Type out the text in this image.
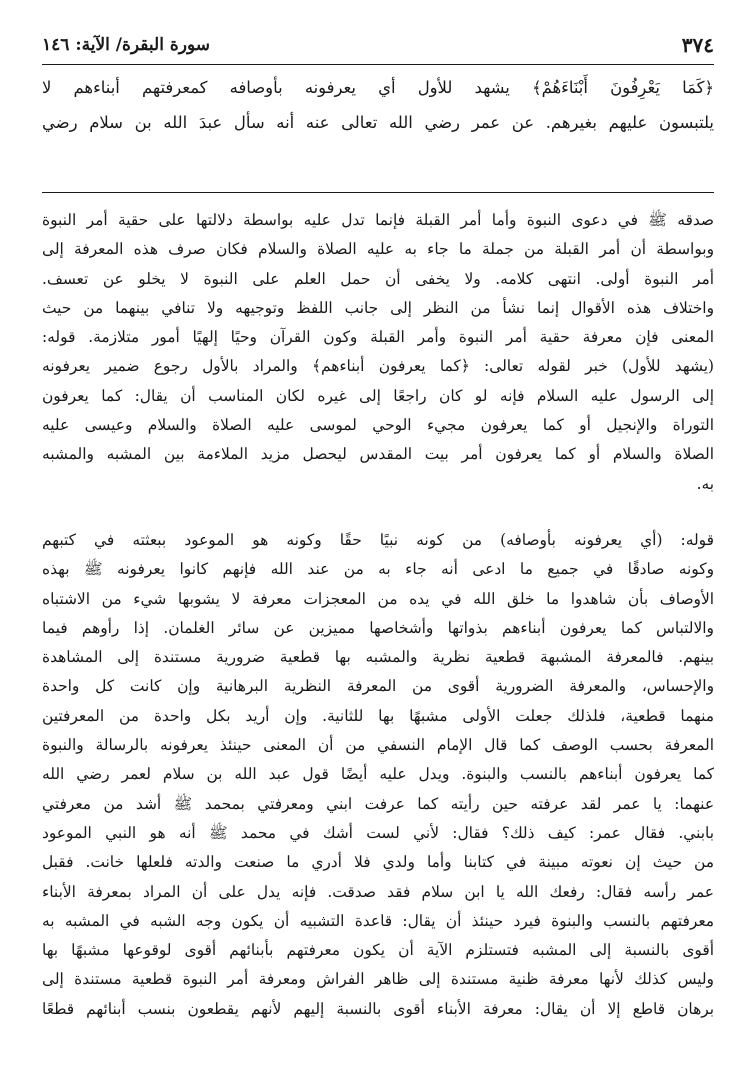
٣٧٤
سورة البقرة/ الآية: ١٤٦
﴿كَمَا يَعْرِفُونَ أَبْنَاءَهُمْ﴾ يشهد للأول أي يعرفونه بأوصافه كمعرفتهم أبناءهم لا
يلتبسون عليهم بغيرهم. عن عمر رضي الله تعالى عنه أنه سأل عبدَ الله بن سلام رضي
صدقه ﷺ في دعوى النبوة وأما أمر القبلة فإنما تدل عليه بواسطة دلالتها على حقية أمر النبوة
وبواسطة أن أمر القبلة من جملة ما جاء به عليه الصلاة والسلام فكان صرف هذه المعرفة إلى
أمر النبوة أولى. انتهى كلامه. ولا يخفى أن حمل العلم على النبوة لا يخلو عن تعسف.
واختلاف هذه الأقوال إنما نشأ من النظر إلى جانب اللفظ وتوجيهه ولا تنافي بينهما من حيث
المعنى فإن معرفة حقية أمر النبوة وأمر القبلة وكون القرآن وحيًا إلهيًا أمور متلازمة. قوله:
(يشهد للأول) خبر لقوله تعالى: ﴿كما يعرفون أبناءهم﴾ والمراد بالأول رجوع ضمير يعرفونه
إلى الرسول عليه السلام فإنه لو كان راجعًا إلى غيره لكان المناسب أن يقال: كما يعرفون
التوراة والإنجيل أو كما يعرفون مجيء الوحي لموسى عليه الصلاة والسلام وعيسى عليه
الصلاة والسلام أو كما يعرفون أمر بيت المقدس ليحصل مزيد الملاءمة بين المشبه والمشبه
به.
قوله: (أي يعرفونه بأوصافه) من كونه نبيًا حقًا وكونه هو الموعود ببعثته في كتبهم
وكونه صادقًا في جميع ما ادعى أنه جاء به من عند الله فإنهم كانوا يعرفونه ﷺ بهذه
الأوصاف بأن شاهدوا ما خلق الله في يده من المعجزات معرفة لا يشوبها شيء من الاشتباه
والالتباس كما يعرفون أبناءهم بذواتها وأشخاصها مميزين عن سائر الغلمان. إذا رأوهم فيما
بينهم. فالمعرفة المشبهة قطعية نظرية والمشبه بها قطعية ضرورية مستندة إلى المشاهدة
والإحساس، والمعرفة الضرورية أقوى من المعرفة النظرية البرهانية وإن كانت كل واحدة
منهما قطعية، فلذلك جعلت الأولى مشبهًا بها للثانية. وإن أريد بكل واحدة من المعرفتين
المعرفة بحسب الوصف كما قال الإمام النسفي من أن المعنى حينئذ يعرفونه بالرسالة والنبوة
كما يعرفون أبناءهم بالنسب والبنوة. ويدل عليه أيضًا قول عبد الله بن سلام لعمر رضي الله
عنهما: يا عمر لقد عرفته حين رأيته كما عرفت ابني ومعرفتي بمحمد ﷺ أشد من معرفتي
بابني. فقال عمر: كيف ذلك؟ فقال: لأني لست أشك في محمد ﷺ أنه هو النبي الموعود
من حيث إن نعوته مبينة في كتابنا وأما ولدي فلا أدري ما صنعت والدته فلعلها خانت. فقبل
عمر رأسه فقال: رفعك الله يا ابن سلام فقد صدقت. فإنه يدل على أن المراد بمعرفة الأبناء
معرفتهم بالنسب والبنوة فيرد حينئذ أن يقال: قاعدة التشبيه أن يكون وجه الشبه في المشبه به
أقوى بالنسبة إلى المشبه فتستلزم الآية أن يكون معرفتهم بأبنائهم أقوى لوقوعها مشبهًا بها
وليس كذلك لأنها معرفة ظنية مستندة إلى ظاهر الفراش ومعرفة أمر النبوة قطعية مستندة إلى
برهان قاطع إلا أن يقال: معرفة الأبناء أقوى بالنسبة إليهم لأنهم يقطعون بنسب أبنائهم قطعًا
